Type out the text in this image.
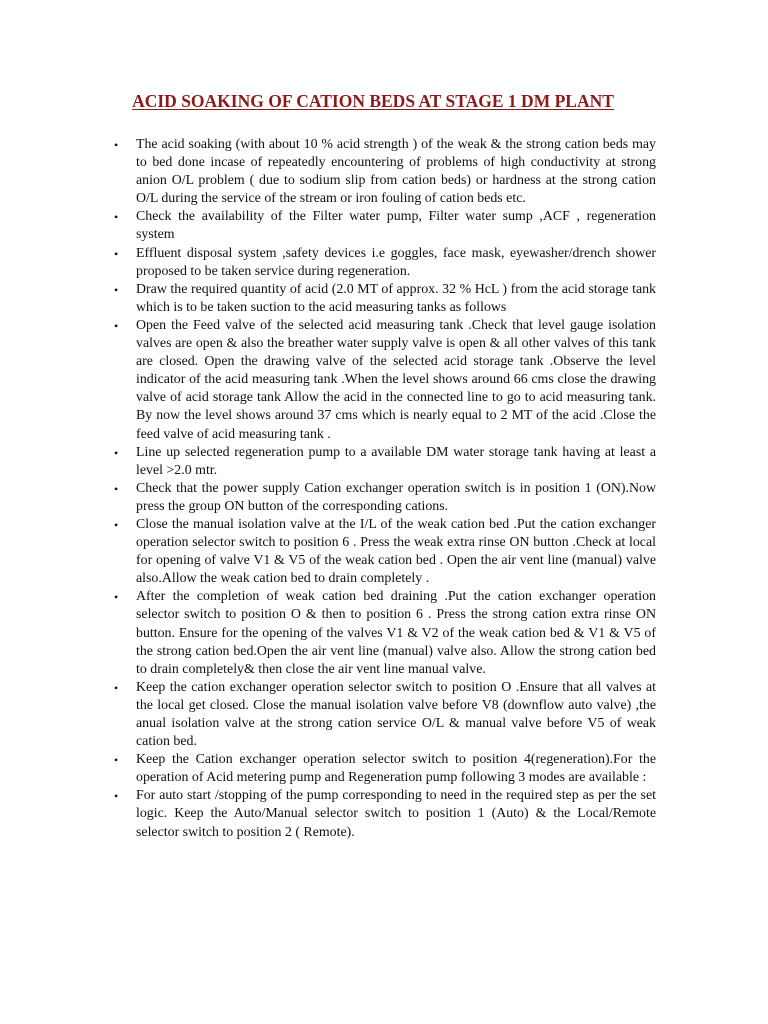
ACID SOAKING OF CATION BEDS AT STAGE 1 DM PLANT
• The acid soaking (with about 10 % acid strength ) of the weak & the strong cation beds may to bed done incase of repeatedly encountering of problems of high conductivity at strong anion O/L problem ( due to sodium slip from cation beds) or hardness at the strong cation O/L during the service of the stream or iron fouling of cation beds etc.
• Check the availability of the Filter water pump, Filter water sump ,ACF , regeneration system
• Effluent disposal system ,safety devices i.e goggles, face mask, eyewasher/drench shower proposed to be taken service during regeneration.
• Draw the required quantity of acid (2.0 MT of approx. 32 % HcL ) from the acid storage tank which is to be taken suction to the acid measuring tanks as follows
• Open the Feed valve of the selected acid measuring tank .Check that level gauge isolation valves are open & also the breather water supply valve is open & all other valves of this tank are closed. Open the drawing valve of the selected acid storage tank .Observe the level indicator of the acid measuring tank .When the level shows around 66 cms close the drawing valve of acid storage tank Allow the acid in the connected line to go to acid measuring tank. By now the level shows around 37 cms which is nearly equal to 2 MT of the acid .Close the feed valve of acid measuring tank .
• Line up selected regeneration pump to a available DM water storage tank having at least a level >2.0 mtr.
• Check that the power supply Cation exchanger operation switch is in position 1 (ON).Now press the group ON button of the corresponding cations.
• Close the manual isolation valve at the I/L of the weak cation bed .Put the cation exchanger operation selector switch to position 6 . Press the weak extra rinse ON button .Check at local for opening of valve V1 & V5 of the weak cation bed . Open the air vent line (manual) valve also.Allow the weak cation bed to drain completely .
• After the completion of weak cation bed draining .Put the cation exchanger operation selector switch to position O & then to position 6 . Press the strong cation extra rinse ON button. Ensure for the opening of the valves V1 & V2 of the weak cation bed & V1 & V5 of the strong cation bed.Open the air vent line (manual) valve also. Allow the strong cation bed to drain completely& then close the air vent line manual valve.
• Keep the cation exchanger operation selector switch to position O .Ensure that all valves at the local get closed. Close the manual isolation valve before V8 (downflow auto valve) ,the anual isolation valve at the strong cation service O/L & manual valve before V5 of weak cation bed.
• Keep the Cation exchanger operation selector switch to position 4(regeneration).For the operation of Acid metering pump and Regeneration pump following 3 modes are available :
• For auto start /stopping of the pump corresponding to need in the required step as per the set logic. Keep the Auto/Manual selector switch to position 1 (Auto) & the Local/Remote selector switch to position 2 ( Remote).
